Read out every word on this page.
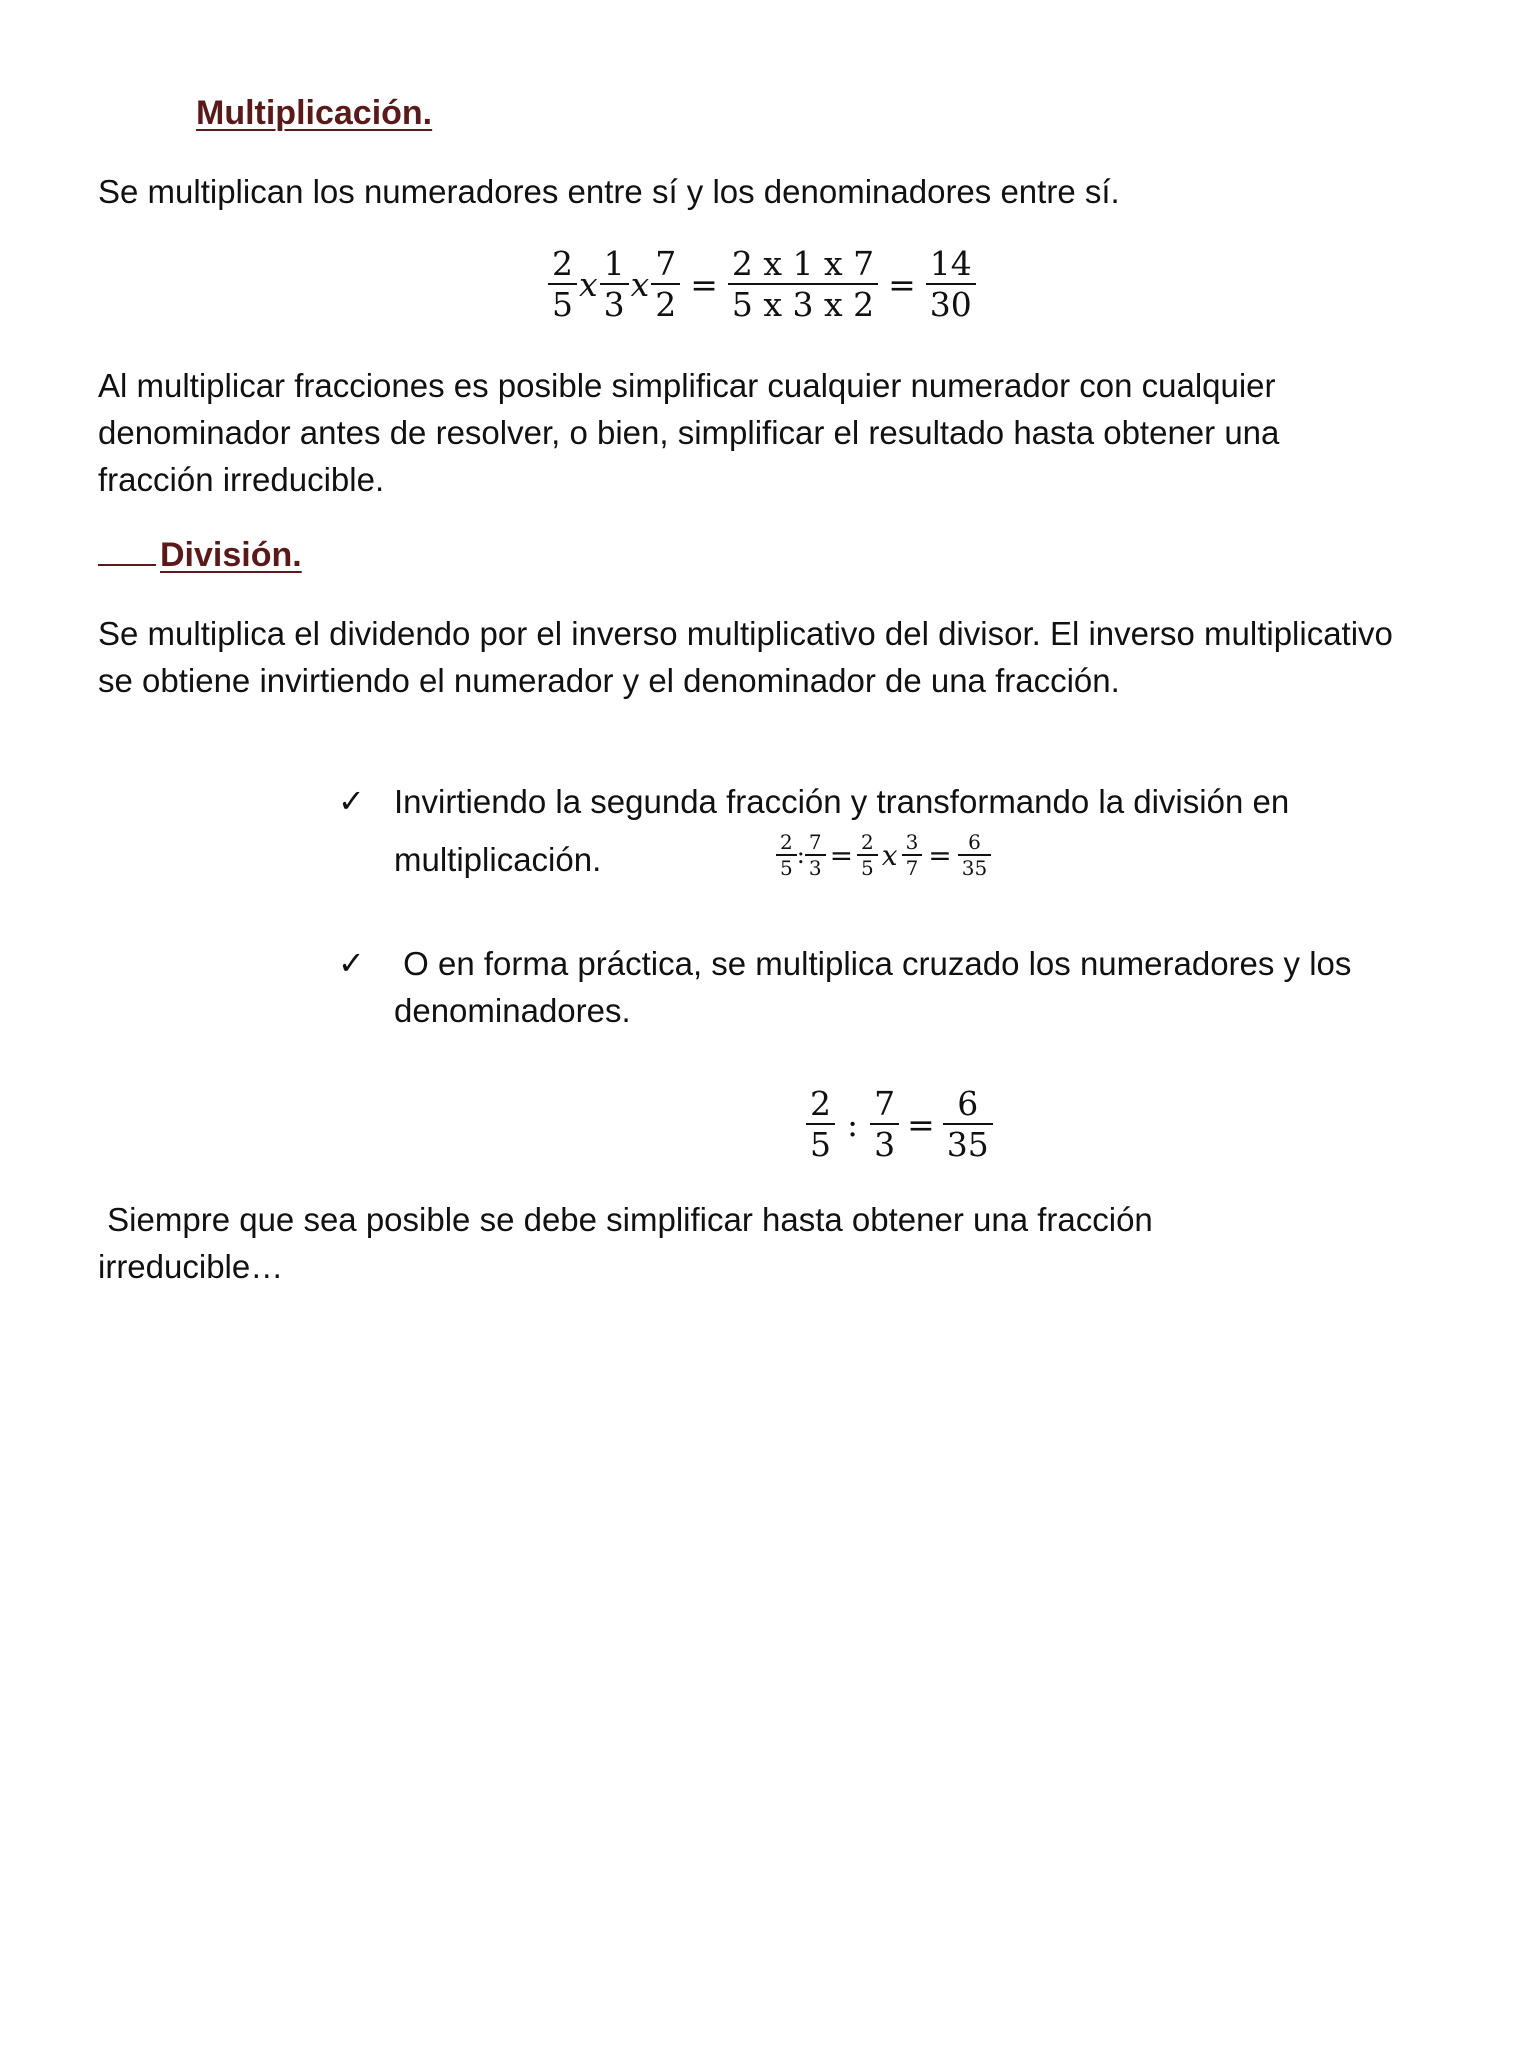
Multiplicación.

Se multiplican los numeradores entre sí y los denominadores entre sí.

$\frac{2}{5}$ x $\frac{1}{3}$ x $\frac{7}{2} = \frac{2 x 1 x 7}{5 x 3 x 2} = \frac{14}{30}$

Al multiplicar fracciones es posible simplificar cualquier numerador con cualquier denominador antes de resolver, o bien, simplificar el resultado hasta obtener una fracción irreducible.

División.

Se multiplica el dividendo por el inverso multiplicativo del divisor. El inverso multiplicativo se obtiene invirtiendo el numerador y el denominador de una fracción.

✓ Invirtiendo la segunda fracción y transformando la división en

multiplicación.	$\frac{2}{5}$ : $\frac{7}{3} = \frac{2}{5}$ x $\frac{3}{7} = \frac{6}{35}$
✓ O en forma práctica, se multiplica cruzado los numeradores y los denominadores.

$\frac{2}{5}$ : $\frac{7}{3} = \frac{6}{35}$

Siempre que sea posible se debe simplificar hasta obtener una fracción irreducible…
